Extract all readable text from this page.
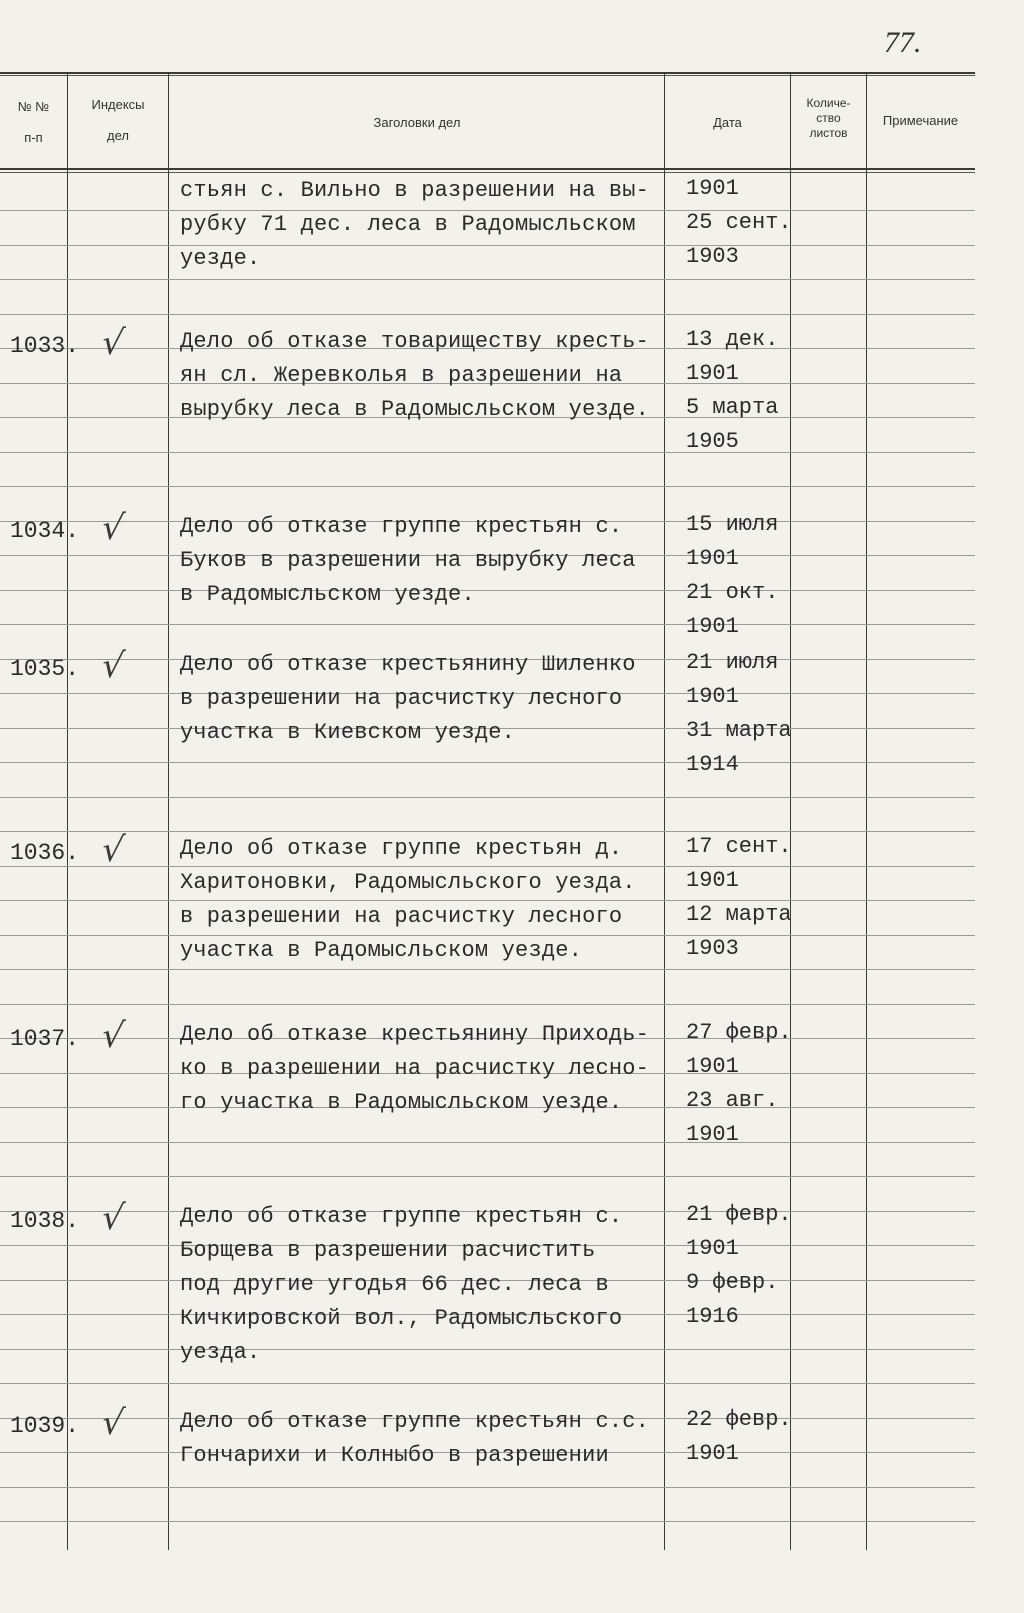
77.
№ №
п-п
Индексы
дел
Заголовки дел	Дата
Количе-
ство
листов
Примечание
стьян с. Вильно в разрешении на вы-
рубку 71 дес. леса в Радомысльском
уезде.
1901
25 сент.
1903
1033. √ Дело об отказе товариществу кресть-
ян сл. Жеревколья в разрешении на
вырубку леса в Радомысльском уезде.
13 дек.
1901
5 марта
1905
1034. √ Дело об отказе группе крестьян с.
Буков в разрешении на вырубку леса
в Радомысльском уезде.
15 июля
1901
21 окт.
1901
1035. √ Дело об отказе крестьянину Шиленко
в разрешении на расчистку лесного
участка в Киевском уезде.
21 июля
1901
31 марта
1914
1036. √ Дело об отказе группе крестьян д.
Харитоновки, Радомысльского уезда.
в разрешении на расчистку лесного
участка в Радомысльском уезде.
17 сент.
1901
12 марта
1903
1037. √ Дело об отказе крестьянину Приходь-
ко в разрешении на расчистку лесно-
го участка в Радомысльском уезде.
27 февр.
1901
23 авг.
1901
1038. √ Дело об отказе группе крестьян с.
Борщева в разрешении расчистить
под другие угодья 66 дес. леса в
Кичкировской вол., Радомысльского
уезда.
21 февр.
1901
9 февр.
1916
1039. √ Дело об отказе группе крестьян с.с.
Гончарихи и Колныбо в разрешении
22 февр.
1901
